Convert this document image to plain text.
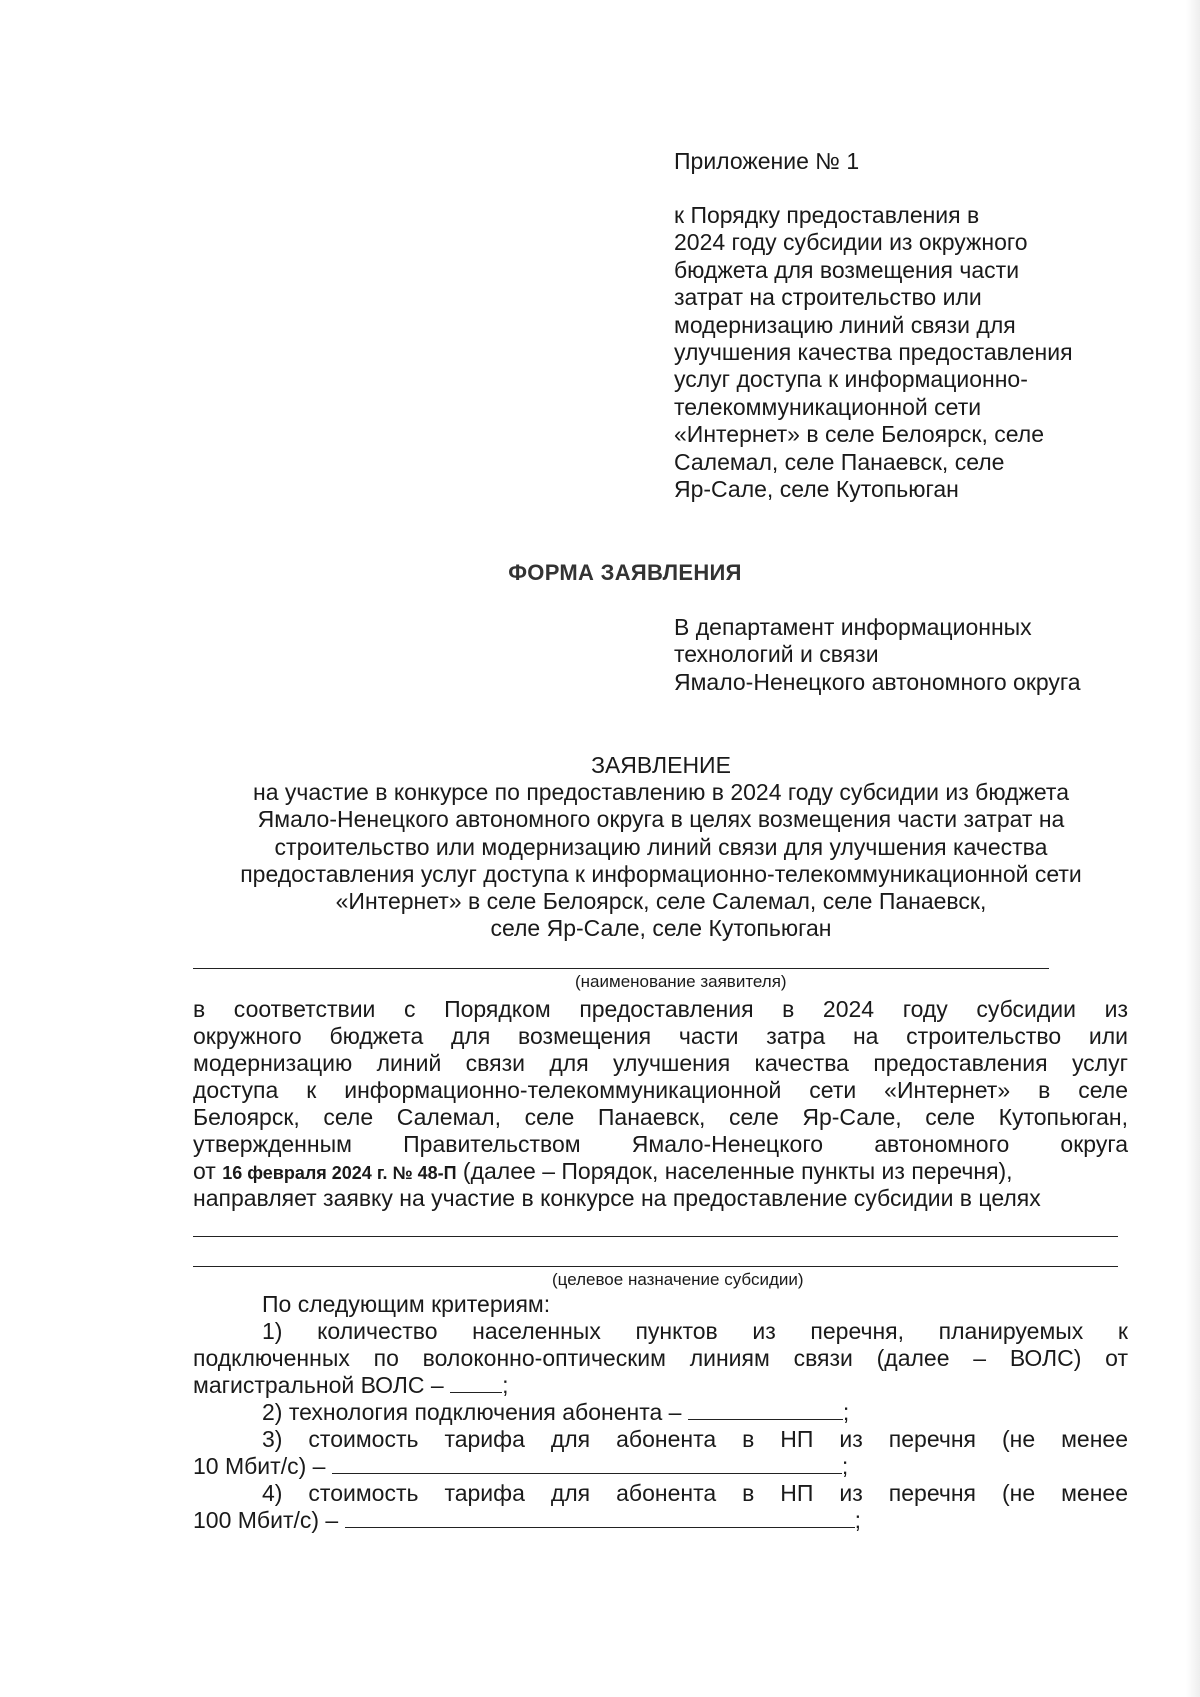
Приложение № 1
к Порядку предоставления в
2024 году субсидии из окружного
бюджета для возмещения части
затрат на строительство или
модернизацию линий связи для
улучшения качества предоставления
услуг доступа к информационно-
телекоммуникационной сети
«Интернет» в селе Белоярск, селе
Салемал, селе Панаевск, селе
Яр-Сале, селе Кутопьюган
ФОРМА ЗАЯВЛЕНИЯ
В департамент информационных
технологий и связи
Ямало-Ненецкого автономного округа
ЗАЯВЛЕНИЕ
на участие в конкурсе по предоставлению в 2024 году субсидии из бюджета
Ямало-Ненецкого автономного округа в целях возмещения части затрат на
строительство или модернизацию линий связи для улучшения качества
предоставления услуг доступа к информационно-телекоммуникационной сети
«Интернет» в селе Белоярск, селе Салемал, селе Панаевск,
селе Яр-Сале, селе Кутопьюган
(наименование заявителя)
в соответствии с Порядком предоставления в 2024 году субсидии из
окружного бюджета для возмещения части затра на строительство или
модернизацию линий связи для улучшения качества предоставления услуг
доступа к информационно-телекоммуникационной сети «Интернет» в селе
Белоярск, селе Салемал, селе Панаевск, селе Яр-Сале, селе Кутопьюган,
утвержденным Правительством Ямало-Ненецкого автономного округа
от 16 февраля 2024 г. № 48-П (далее – Порядок, населенные пункты из перечня),
направляет заявку на участие в конкурсе на предоставление субсидии в целях
(целевое назначение субсидии)
По следующим критериям:
1) количество населенных пунктов из перечня, планируемых к
подключенных по волоконно-оптическим линиям связи (далее – ВОЛС) от
магистральной ВОЛС –	;
2) технология подключения абонента –	;
3) стоимость тарифа для абонента в НП из перечня (не менее
10 Мбит/с) –	;
4) стоимость тарифа для абонента в НП из перечня (не менее
100 Мбит/с) –	;
